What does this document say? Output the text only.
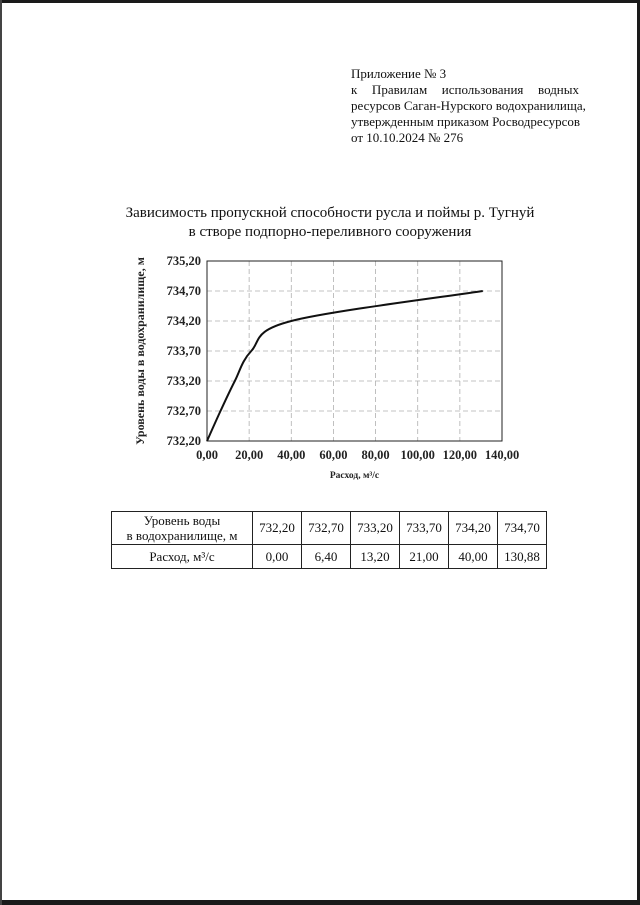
Приложение № 3
к Правилам использования водных
ресурсов Саган-Нурского водохранилища,
утвержденным приказом Росводресурсов
от 10.10.2024 № 276
Зависимость пропускной способности русла и поймы р. Тугнуй
в створе подпорно-переливного сооружения
0,00 20,00 40,00 60,00 80,00 100,00 120,00 140,00
735,20
734,70
734,20
733,70
733,20
732,70
732,20
Расход, м³/с
Уровень воды в водохранилище, м
Уровень воды
в водохранилище, м	732,20	732,70	733,20	733,70	734,20	734,70
Расход, м³/с	0,00	6,40	13,20	21,00	40,00	130,88
